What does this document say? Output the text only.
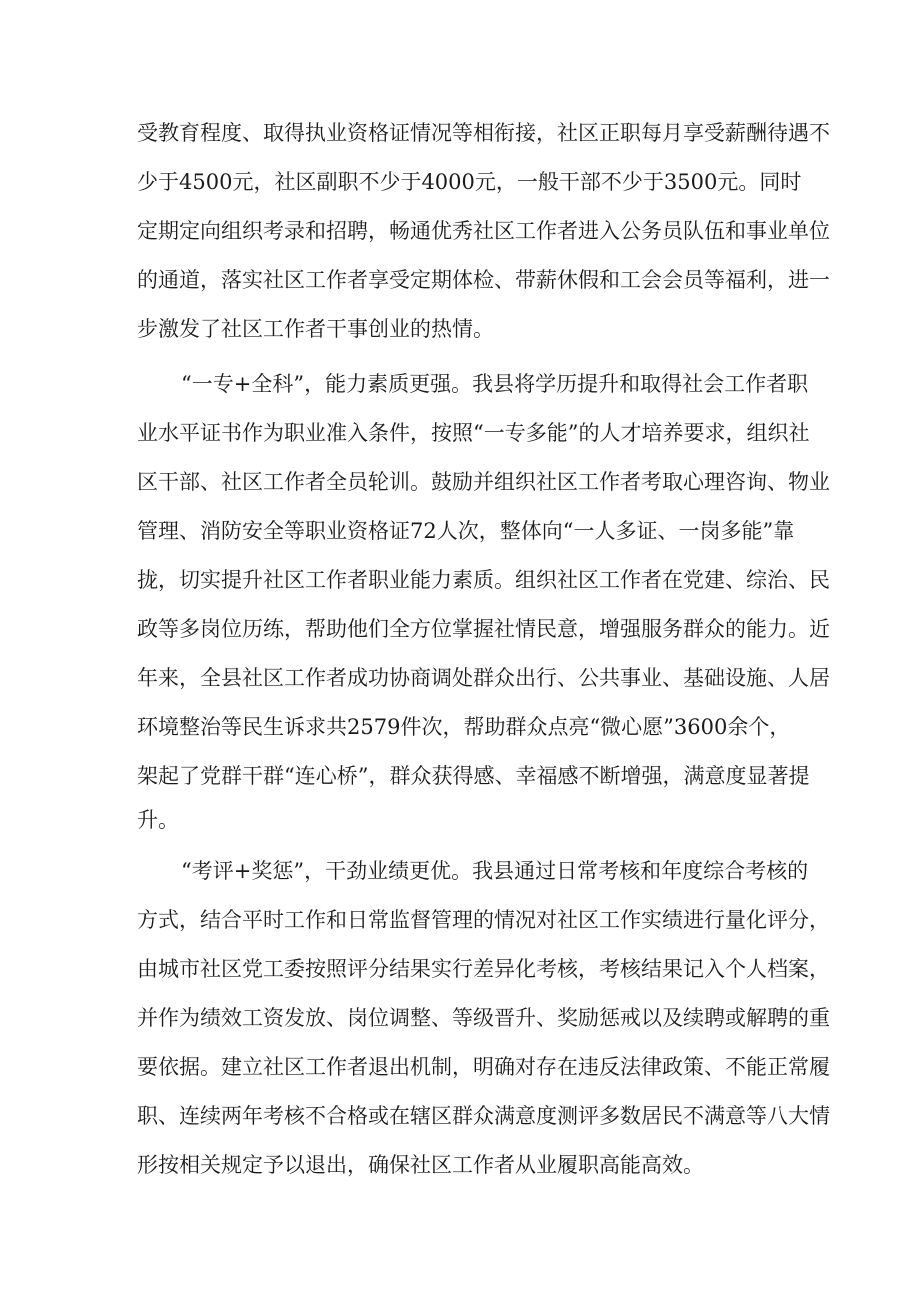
受教育程度、取得执业资格证情况等相衔接，社区正职每月享受薪酬待遇不
少于4500元，社区副职不少于4000元，一般干部不少于3500元。同时
定期定向组织考录和招聘，畅通优秀社区工作者进入公务员队伍和事业单位
的通道，落实社区工作者享受定期体检、带薪休假和工会会员等福利，进一
步激发了社区工作者干事创业的热情。
“一专+全科”，能力素质更强。我县将学历提升和取得社会工作者职
业水平证书作为职业准入条件，按照“一专多能”的人才培养要求，组织社
区干部、社区工作者全员轮训。鼓励并组织社区工作者考取心理咨询、物业
管理、消防安全等职业资格证72人次，整体向“一人多证、一岗多能”靠
拢，切实提升社区工作者职业能力素质。组织社区工作者在党建、综治、民
政等多岗位历练，帮助他们全方位掌握社情民意，增强服务群众的能力。近
年来，全县社区工作者成功协商调处群众出行、公共事业、基础设施、人居
环境整治等民生诉求共2579件次，帮助群众点亮“微心愿”3600余个，
架起了党群干群“连心桥”，群众获得感、幸福感不断增强，满意度显著提
升。
“考评+奖惩”，干劲业绩更优。我县通过日常考核和年度综合考核的
方式，结合平时工作和日常监督管理的情况对社区工作实绩进行量化评分，
由城市社区党工委按照评分结果实行差异化考核，考核结果记入个人档案，
并作为绩效工资发放、岗位调整、等级晋升、奖励惩戒以及续聘或解聘的重
要依据。建立社区工作者退出机制，明确对存在违反法律政策、不能正常履
职、连续两年考核不合格或在辖区群众满意度测评多数居民不满意等八大情
形按相关规定予以退出，确保社区工作者从业履职高能高效。
